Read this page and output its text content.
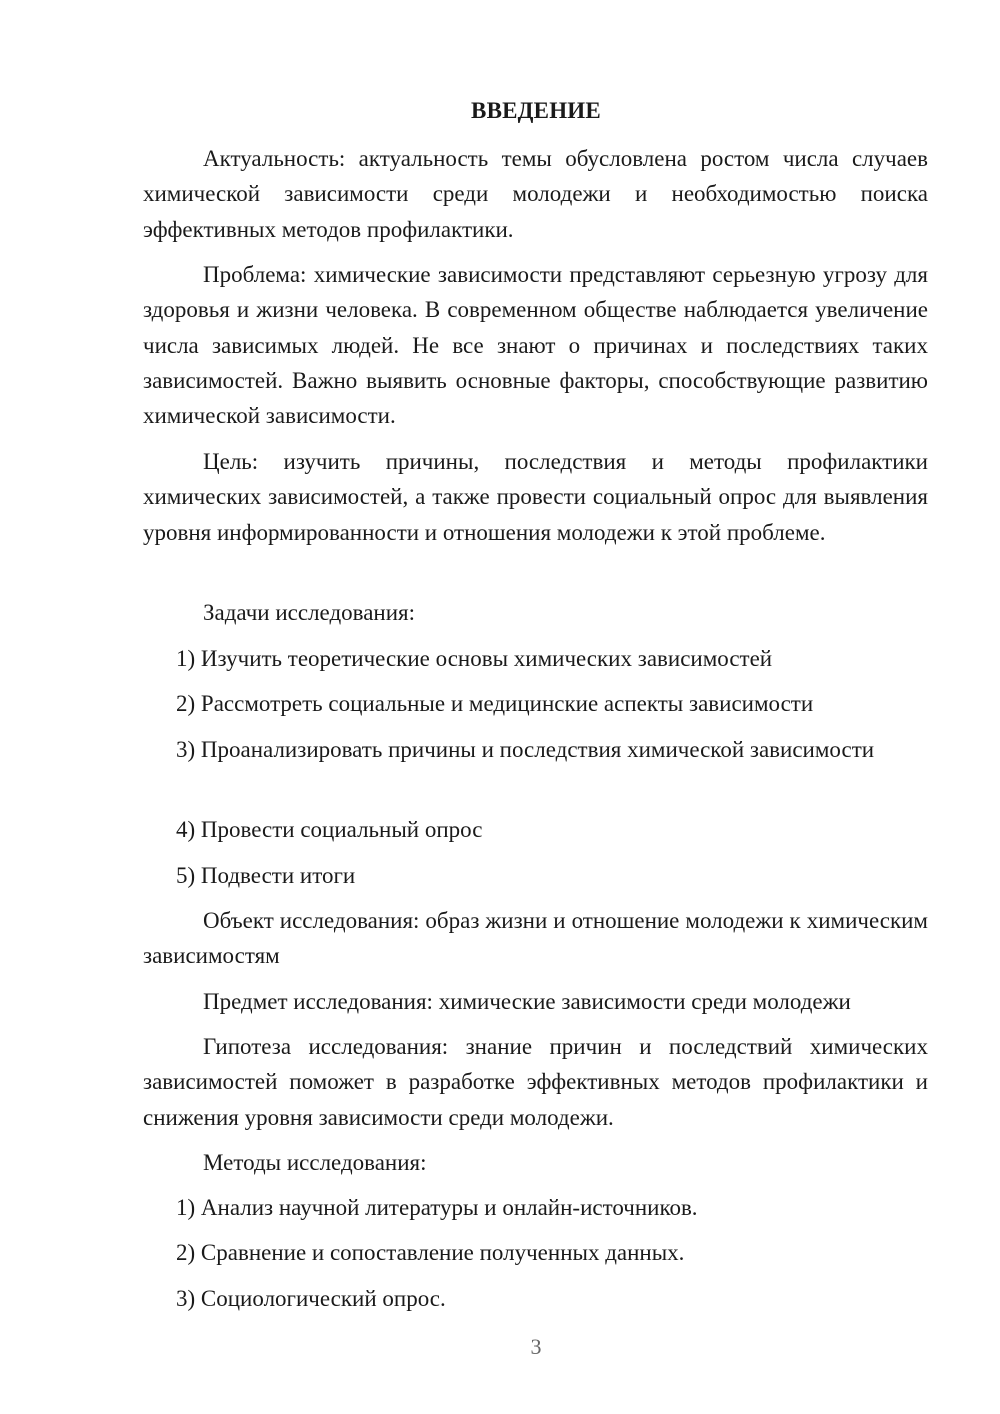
ВВЕДЕНИЕ

Актуальность: актуальность темы обусловлена ростом числа случаев химической зависимости среди молодежи и необходимостью поиска эффективных методов профилактики.

Проблема: химические зависимости представляют серьезную угрозу для здоровья и жизни человека. В современном обществе наблюдается увеличение числа зависимых людей. Не все знают о причинах и последствиях таких зависимостей. Важно выявить основные факторы, способствующие развитию химической зависимости.

Цель: изучить причины, последствия и методы профилактики химических зависимостей, а также провести социальный опрос для выявления уровня информированности и отношения молодежи к этой проблеме.

Задачи исследования:

1) Изучить теоретические основы химических зависимостей

2) Рассмотреть социальные и медицинские аспекты зависимости

3) Проанализировать причины и последствия химической зависимости

4) Провести социальный опрос

5) Подвести итоги

Объект исследования: образ жизни и отношение молодежи к химическим зависимостям

Предмет исследования: химические зависимости среди молодежи

Гипотеза исследования: знание причин и последствий химических зависимостей поможет в разработке эффективных методов профилактики и снижения уровня зависимости среди молодежи.

Методы исследования:

1) Анализ научной литературы и онлайн-источников.

2) Сравнение и сопоставление полученных данных.

3) Социологический опрос.

3
